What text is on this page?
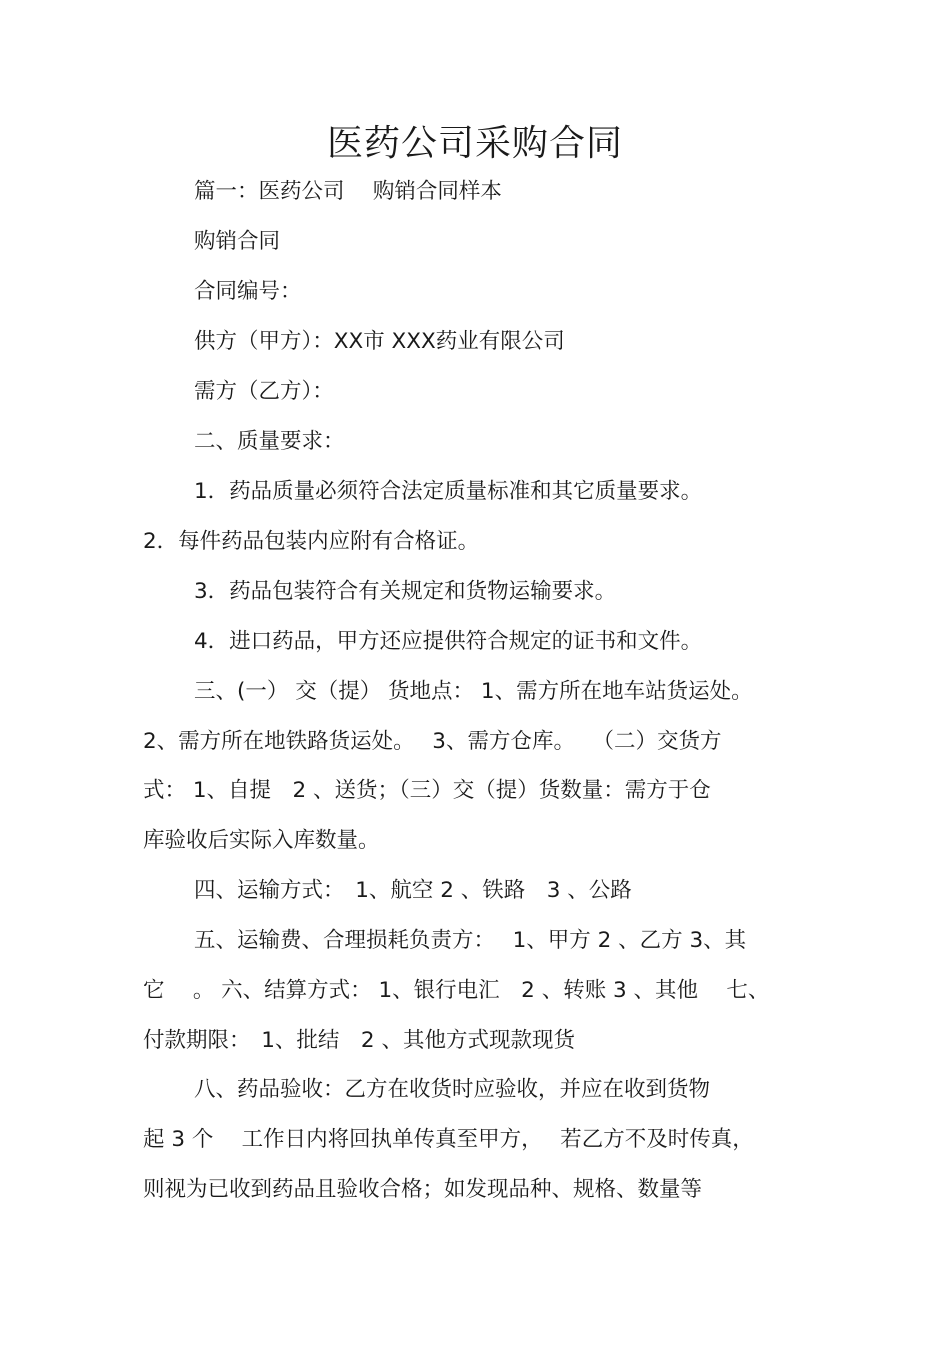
医药公司采购合同
篇一：医药公司　 购销合同样本
购销合同
合同编号：
供方（甲方）：XX市 XXX药业有限公司
需方（乙方）：
二、质量要求：
1．药品质量必须符合法定质量标准和其它质量要求。
2．每件药品包装内应附有合格证。
3．药品包装符合有关规定和货物运输要求。
4．进口药品，甲方还应提供符合规定的证书和文件。
三、(一） 交（提） 货地点： 1、需方所在地车站货运处。
2、需方所在地铁路货运处。　 3、需方仓库。　 （二）交货方
式： 1、自提　2 、送货；（三）交（提）货数量：需方于仓
库验收后实际入库数量。
四、运输方式：　1、航空 2 、铁路　3 、公路
五、运输费、合理损耗负责方：　 1、甲方 2 、乙方 3、其
它　 。 六、结算方式： 1、银行电汇　2 、转账 3 、其他　 七、
付款期限：　1、批结　2 、其他方式现款现货
八、药品验收：乙方在收货时应验收，并应在收到货物
起 3 个　 工作日内将回执单传真至甲方，　 若乙方不及时传真，
则视为已收到药品且验收合格；如发现品种、规格、数量等
